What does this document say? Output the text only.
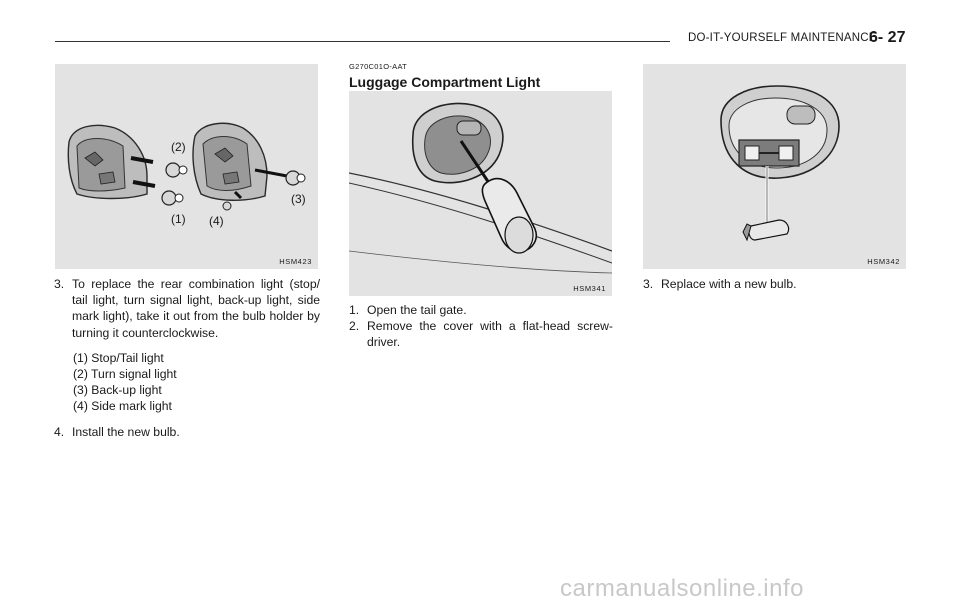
DO-IT-YOURSELF MAINTENANCE
6- 27
(2)
(1) (4)
(3)
HSM423
3. To replace the rear combination light (stop/ tail light, turn signal light, back-up light, side mark light), take it out from the bulb holder by turning it counterclockwise.
(1) Stop/Tail light
(2) Turn signal light
(3) Back-up light
(4) Side mark light
4. Install the new bulb.
G270C01O-AAT
Luggage Compartment Light
HSM341
1. Open the tail gate.
2. Remove the cover with a flat-head screw- driver.
HSM342
3. Replace with a new bulb.
carmanualsonline.info
